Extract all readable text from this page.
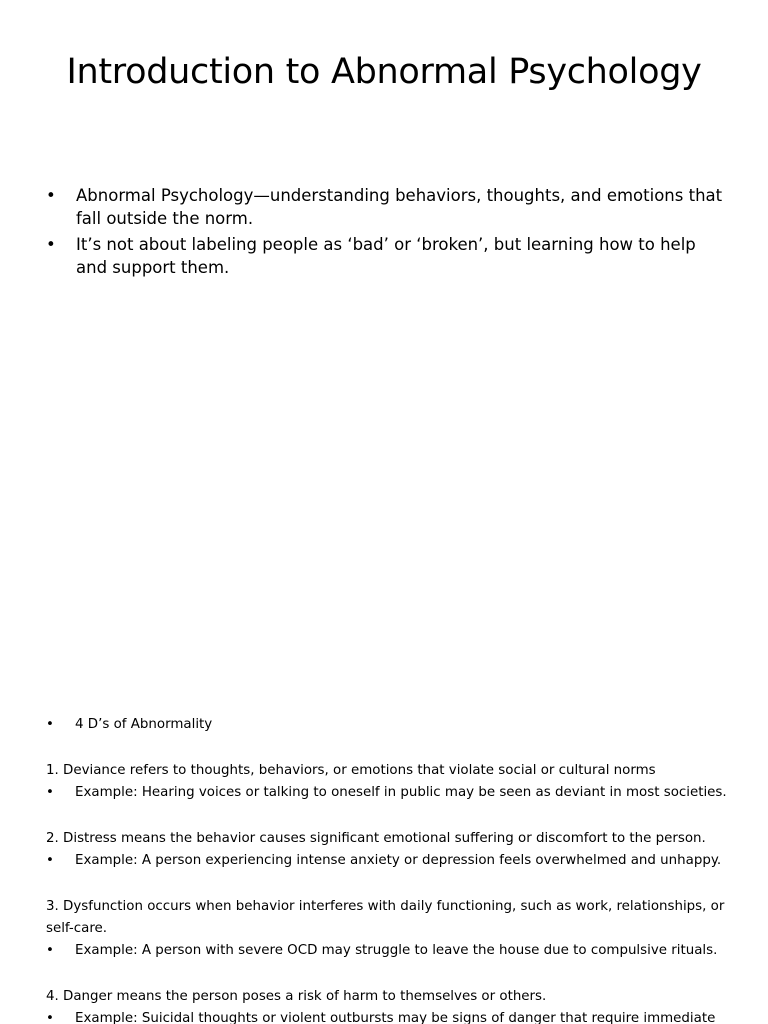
Introduction to Abnormal Psychology
• Abnormal Psychology—understanding behaviors, thoughts, and emotions that fall outside the norm.
• It’s not about labeling people as ‘bad’ or ‘broken’, but learning how to help and support them.
• 4 D’s of Abnormality
1. Deviance refers to thoughts, behaviors, or emotions that violate social or cultural norms
• Example: Hearing voices or talking to oneself in public may be seen as deviant in most societies.
2. Distress means the behavior causes significant emotional suffering or discomfort to the person.
• Example: A person experiencing intense anxiety or depression feels overwhelmed and unhappy.
3. Dysfunction occurs when behavior interferes with daily functioning, such as work, relationships, or self-care.
• Example: A person with severe OCD may struggle to leave the house due to compulsive rituals.
4. Danger means the person poses a risk of harm to themselves or others.
• Example: Suicidal thoughts or violent outbursts may be signs of danger that require immediate
